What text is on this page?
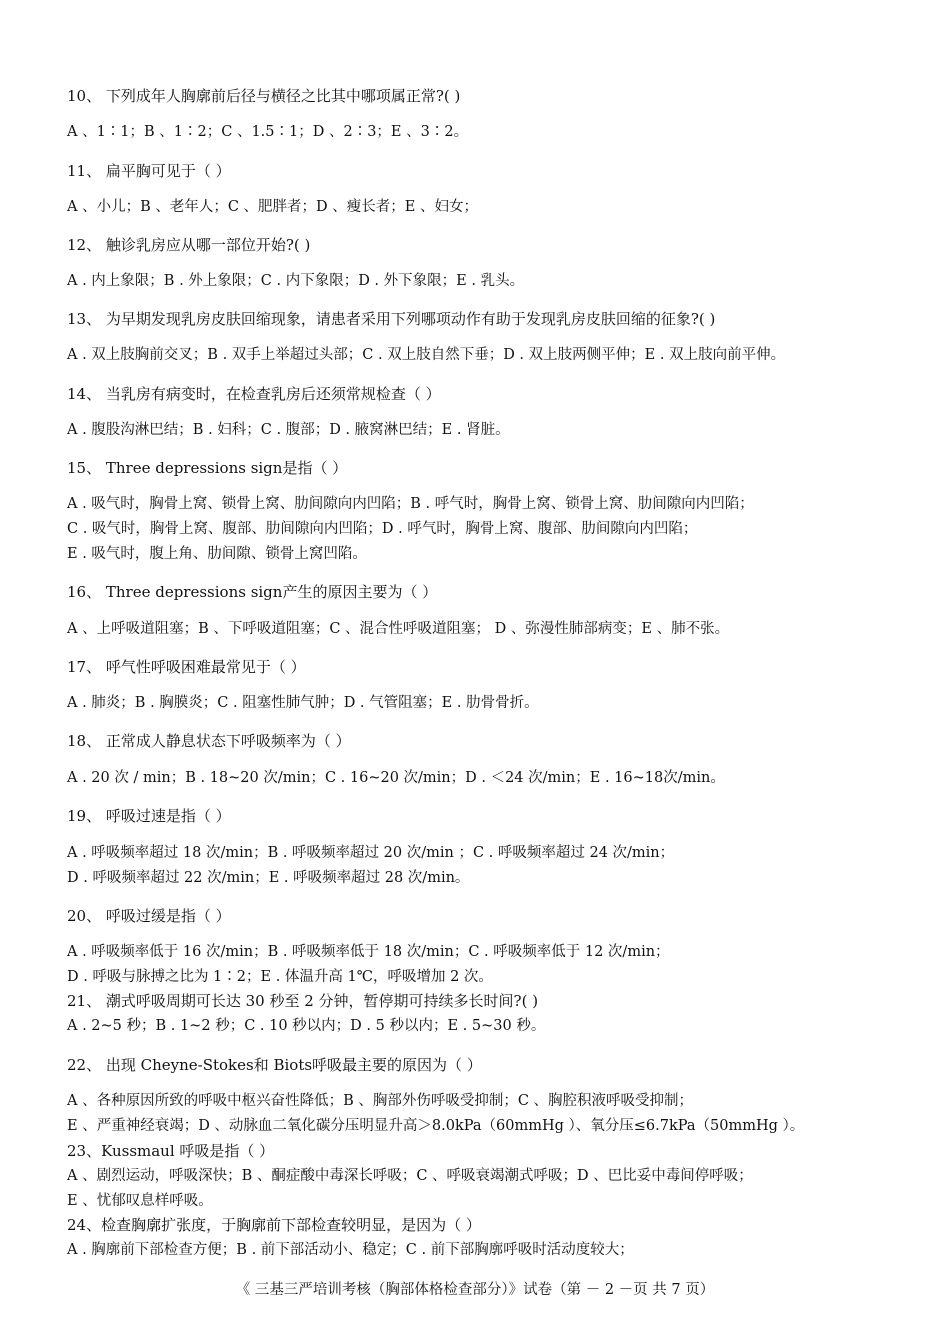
10、 下列成年人胸廓前后径与横径之比其中哪项属正常?( )
A 、1∶1；B 、1∶2；C 、1.5∶1；D 、2∶3；E 、3∶2。
11、 扁平胸可见于（ ）
A 、小儿；B 、老年人；C 、肥胖者；D 、瘦长者；E 、妇女；
12、 触诊乳房应从哪一部位开始?( )
A . 内上象限；B . 外上象限；C . 内下象限；D . 外下象限；E . 乳头。
13、 为早期发现乳房皮肤回缩现象，请患者采用下列哪项动作有助于发现乳房皮肤回缩的征象?( )
A . 双上肢胸前交叉；B . 双手上举超过头部；C . 双上肢自然下垂；D . 双上肢两侧平伸；E . 双上肢向前平伸。
14、 当乳房有病变时，在检查乳房后还须常规检查（ ）
A . 腹股沟淋巴结；B . 妇科；C . 腹部；D . 腋窝淋巴结；E . 肾脏。
15、 Three depressions sign是指（ ）
A . 吸气时，胸骨上窝、锁骨上窝、肋间隙向内凹陷；B . 呼气时，胸骨上窝、锁骨上窝、肋间隙向内凹陷；
C . 吸气时，胸骨上窝、腹部、肋间隙向内凹陷；D . 呼气时，胸骨上窝、腹部、肋间隙向内凹陷；
E . 吸气时，腹上角、肋间隙、锁骨上窝凹陷。
16、 Three depressions sign产生的原因主要为（ ）
A 、上呼吸道阻塞；B 、下呼吸道阻塞；C 、混合性呼吸道阻塞； D 、弥漫性肺部病变；E 、肺不张。
17、 呼气性呼吸困难最常见于（ ）
A . 肺炎；B . 胸膜炎；C . 阻塞性肺气肿；D . 气管阻塞；E . 肋骨骨折。
18、 正常成人静息状态下呼吸频率为（ ）
A . 20 次 / min；B . 18~20 次/min；C . 16~20 次/min；D . ＜24 次/min；E . 16~18次/min。
19、 呼吸过速是指（ ）
A . 呼吸频率超过 18 次/min；B . 呼吸频率超过 20 次/min ；C . 呼吸频率超过 24 次/min；
D . 呼吸频率超过 22 次/min；E . 呼吸频率超过 28 次/min。
20、 呼吸过缓是指（ ）
A . 呼吸频率低于 16 次/min；B . 呼吸频率低于 18 次/min；C . 呼吸频率低于 12 次/min；
D . 呼吸与脉搏之比为 1∶2；E . 体温升高 1℃，呼吸增加 2 次。
21、 潮式呼吸周期可长达 30 秒至 2 分钟，暂停期可持续多长时间?( )
A . 2~5 秒；B . 1~2 秒；C . 10 秒以内；D . 5 秒以内；E . 5~30 秒。
22、 出现 Cheyne-Stokes和 Biots呼吸最主要的原因为（ ）
A 、各种原因所致的呼吸中枢兴奋性降低；B 、胸部外伤呼吸受抑制；C 、胸腔积液呼吸受抑制；
E 、严重神经衰竭；D 、动脉血二氧化碳分压明显升高＞8.0kPa（60mmHg ）、氧分压≤6.7kPa（50mmHg ）。
23、Kussmaul 呼吸是指（ ）
A 、剧烈运动，呼吸深快；B 、酮症酸中毒深长呼吸；C 、呼吸衰竭潮式呼吸；D 、巴比妥中毒间停呼吸；
E 、忧郁叹息样呼吸。
24、检查胸廓扩张度，于胸廓前下部检查较明显，是因为（ ）
A . 胸廓前下部检查方便；B . 前下部活动小、稳定；C . 前下部胸廓呼吸时活动度较大；
《 三基三严培训考核（胸部体格检查部分）》试卷（第 － 2 －页 共 7 页）
